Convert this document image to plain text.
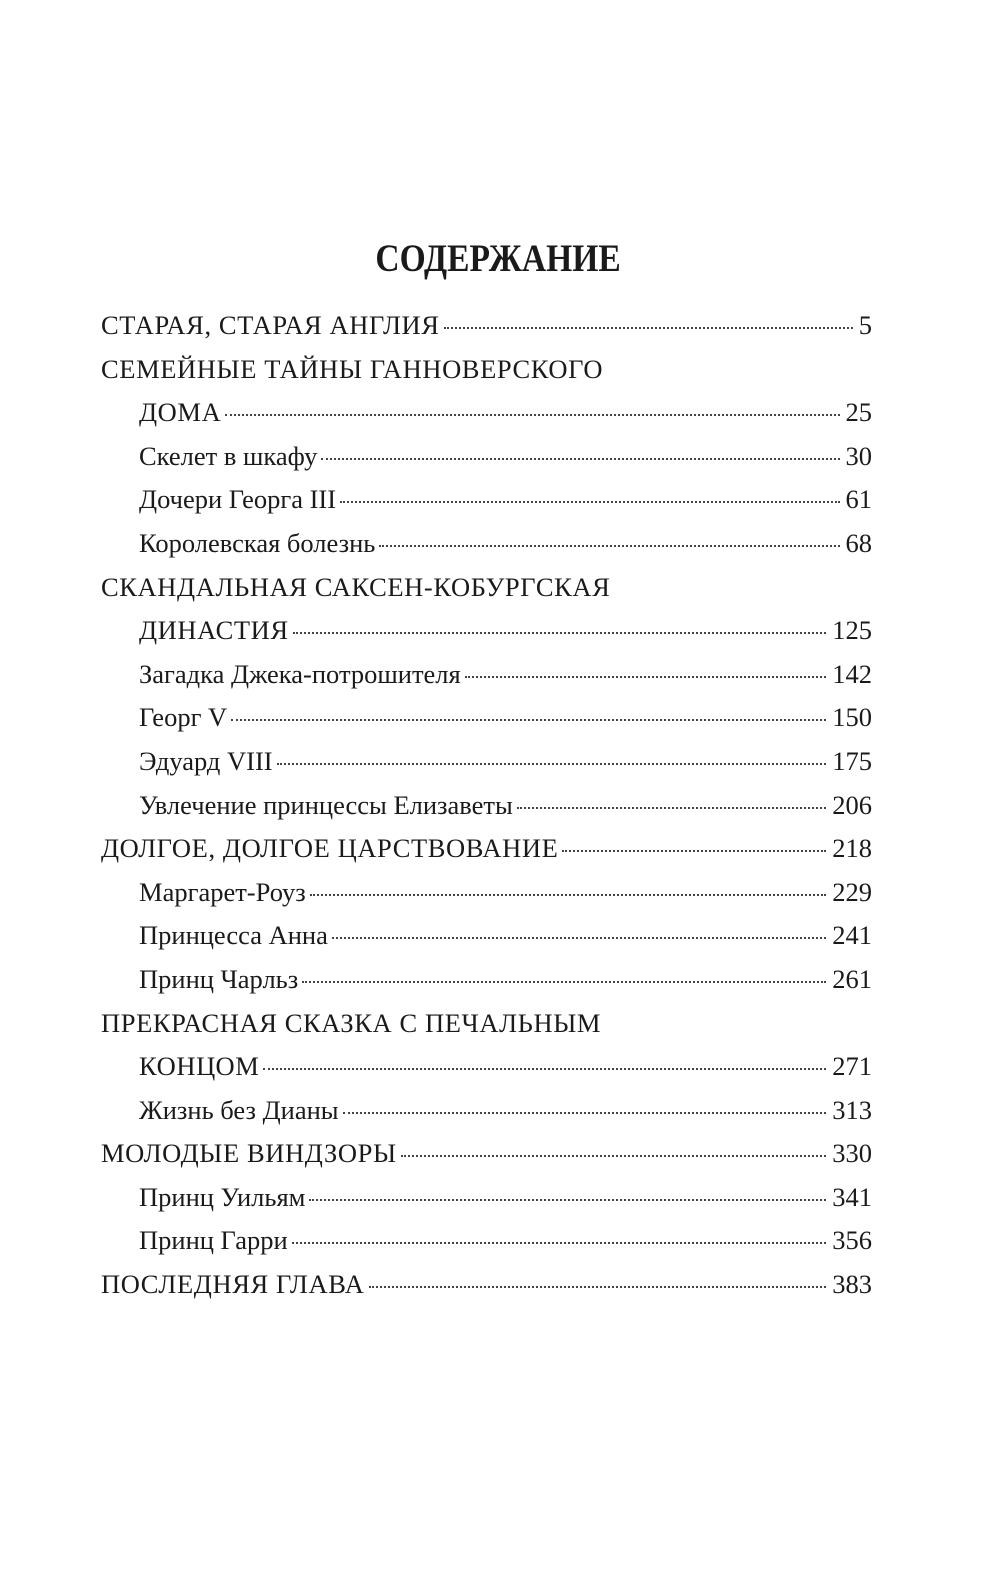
СОДЕРЖАНИЕ
СТАРАЯ, СТАРАЯ АНГЛИЯ	5
СЕМЕЙНЫЕ ТАЙНЫ ГАННОВЕРСКОГО
ДОМА	25
Скелет в шкафу	30
Дочери Георга III	61
Королевская болезнь	68
СКАНДАЛЬНАЯ САКСЕН-КОБУРГСКАЯ
ДИНАСТИЯ	125
Загадка Джека-потрошителя	142
Георг V	150
Эдуард VIII	175
Увлечение принцессы Елизаветы	206
ДОЛГОЕ, ДОЛГОЕ ЦАРСТВОВАНИЕ	218
Маргарет-Роуз	229
Принцесса Анна	241
Принц Чарльз	261
ПРЕКРАСНАЯ СКАЗКА С ПЕЧАЛЬНЫМ
КОНЦОМ	271
Жизнь без Дианы	313
МОЛОДЫЕ ВИНДЗОРЫ	330
Принц Уильям	341
Принц Гарри	356
ПОСЛЕДНЯЯ ГЛАВА	383
